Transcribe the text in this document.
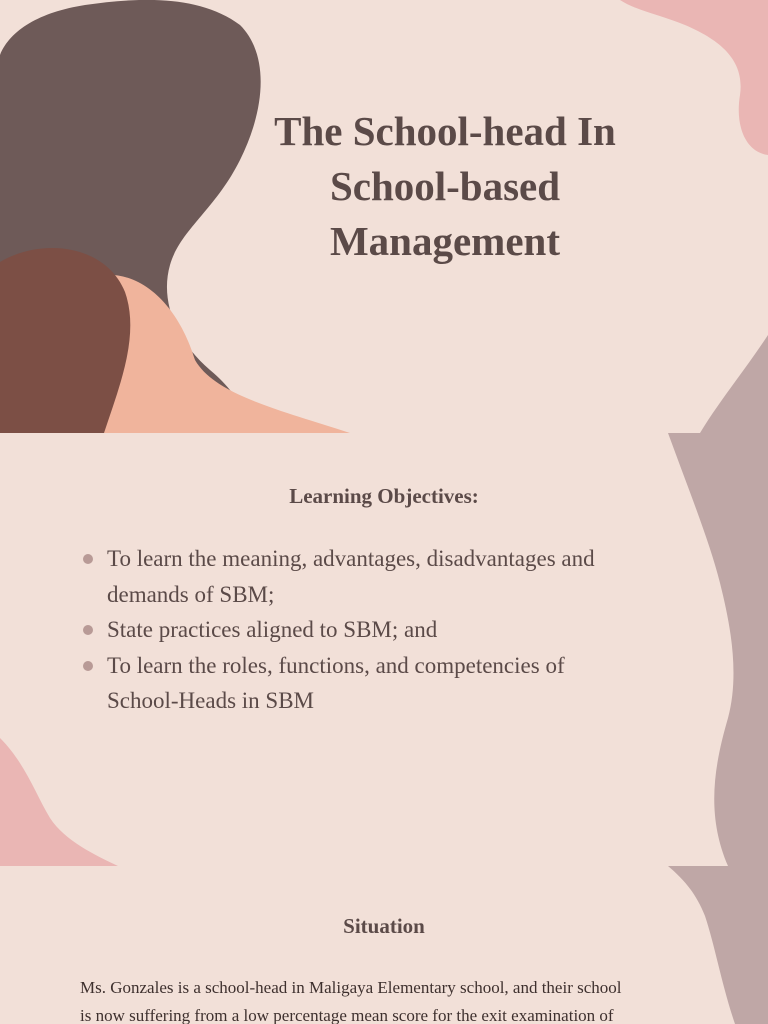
The School-head In
School-based
Management
Learning Objectives:
To learn the meaning, advantages, disadvantages and
demands of SBM;
State practices aligned to SBM; and
To learn the roles, functions, and competencies of
School-Heads in SBM
Situation

Ms. Gonzales is a school-head in Maligaya Elementary school, and their school
is now suffering from a low percentage mean score for the exit examination of
